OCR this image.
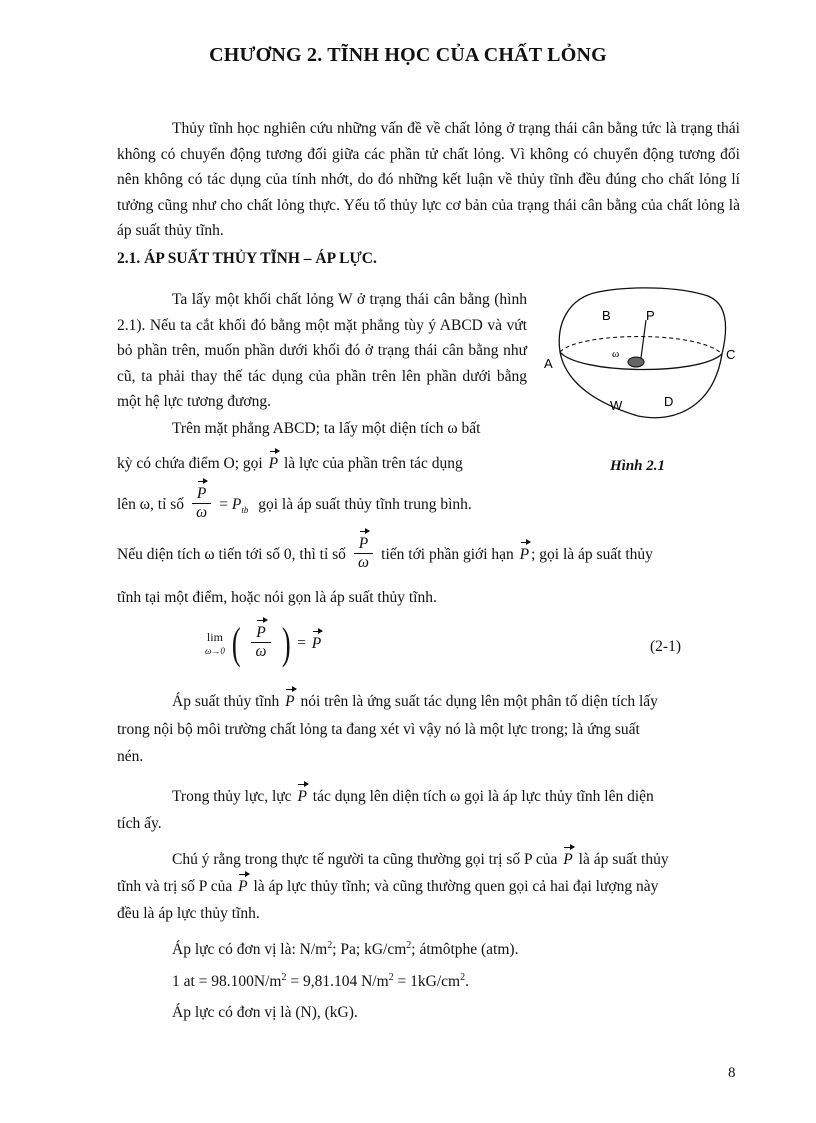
CHƯƠNG 2. TĨNH HỌC CỦA CHẤT LỎNG

Thủy tĩnh học nghiên cứu những vấn đề về chất lỏng ở trạng thái cân bằng tức là trạng thái không có chuyển động tương đối giữa các phần tử chất lỏng. Vì không có chuyển động tương đối nên không có tác dụng của tính nhớt, do đó những kết luận về thủy tĩnh đều đúng cho chất lỏng lí tưởng cũng như cho chất lỏng thực. Yếu tố thủy lực cơ bản của trạng thái cân bằng của chất lỏng là áp suất thủy tĩnh.

2.1. ÁP SUẤT THỦY TĨNH – ÁP LỰC.

Ta lấy một khối chất lỏng W ở trạng thái cân bằng (hình 2.1). Nếu ta cắt khối đó bằng một mặt phẳng tùy ý ABCD và vứt bỏ phần trên, muốn phần dưới khối đó ở trạng thái cân bằng như cũ, ta phải thay thế tác dụng của phần trên lên phần dưới bằng một hệ lực tương đương.

B	P
ω
A
C
W	D
Hình 2.1
Trên mặt phẳng ABCD; ta lấy một diện tích ω bất
kỳ có chứa điểm O; gọi P là lực của phần trên tác dụng
lên ω, tỉ số $\frac{P}{\omega} = P_{tb}$ gọi là áp suất thủy tĩnh trung bình.
Nếu diện tích ω tiến tới số 0, thì tỉ số $\frac{P}{\omega}$ tiến tới phần giới hạn P ; gọi là áp suất thủy
tĩnh tại một điểm, hoặc nói gọn là áp suất thủy tĩnh.
lim
ω→0 ( $\frac{P}{\omega}$ ) = P	(2-1)
Áp suất thủy tĩnh P nói trên là ứng suất tác dụng lên một phân tố diện tích lấy
trong nội bộ môi trường chất lỏng ta đang xét vì vậy nó là một lực trong; là ứng suất
nén.
Trong thủy lực, lực P tác dụng lên diện tích ω gọi là áp lực thủy tĩnh lên diện
tích ấy.
Chú ý rằng trong thực tế người ta cũng thường gọi trị số P của P là áp suất thủy
tĩnh và trị số P của P là áp lực thủy tĩnh; và cũng thường quen gọi cả hai đại lượng này
đều là áp lực thủy tĩnh.
Áp lực có đơn vị là: $N/m^2$; Pa; $kG/cm^2$; átmôtphe (atm).
1 at = $98.100N/m^2 = 9,81.104$ $N/m^2 = 1kG/cm^2$.
Áp lực có đơn vị là (N), (kG).
8
